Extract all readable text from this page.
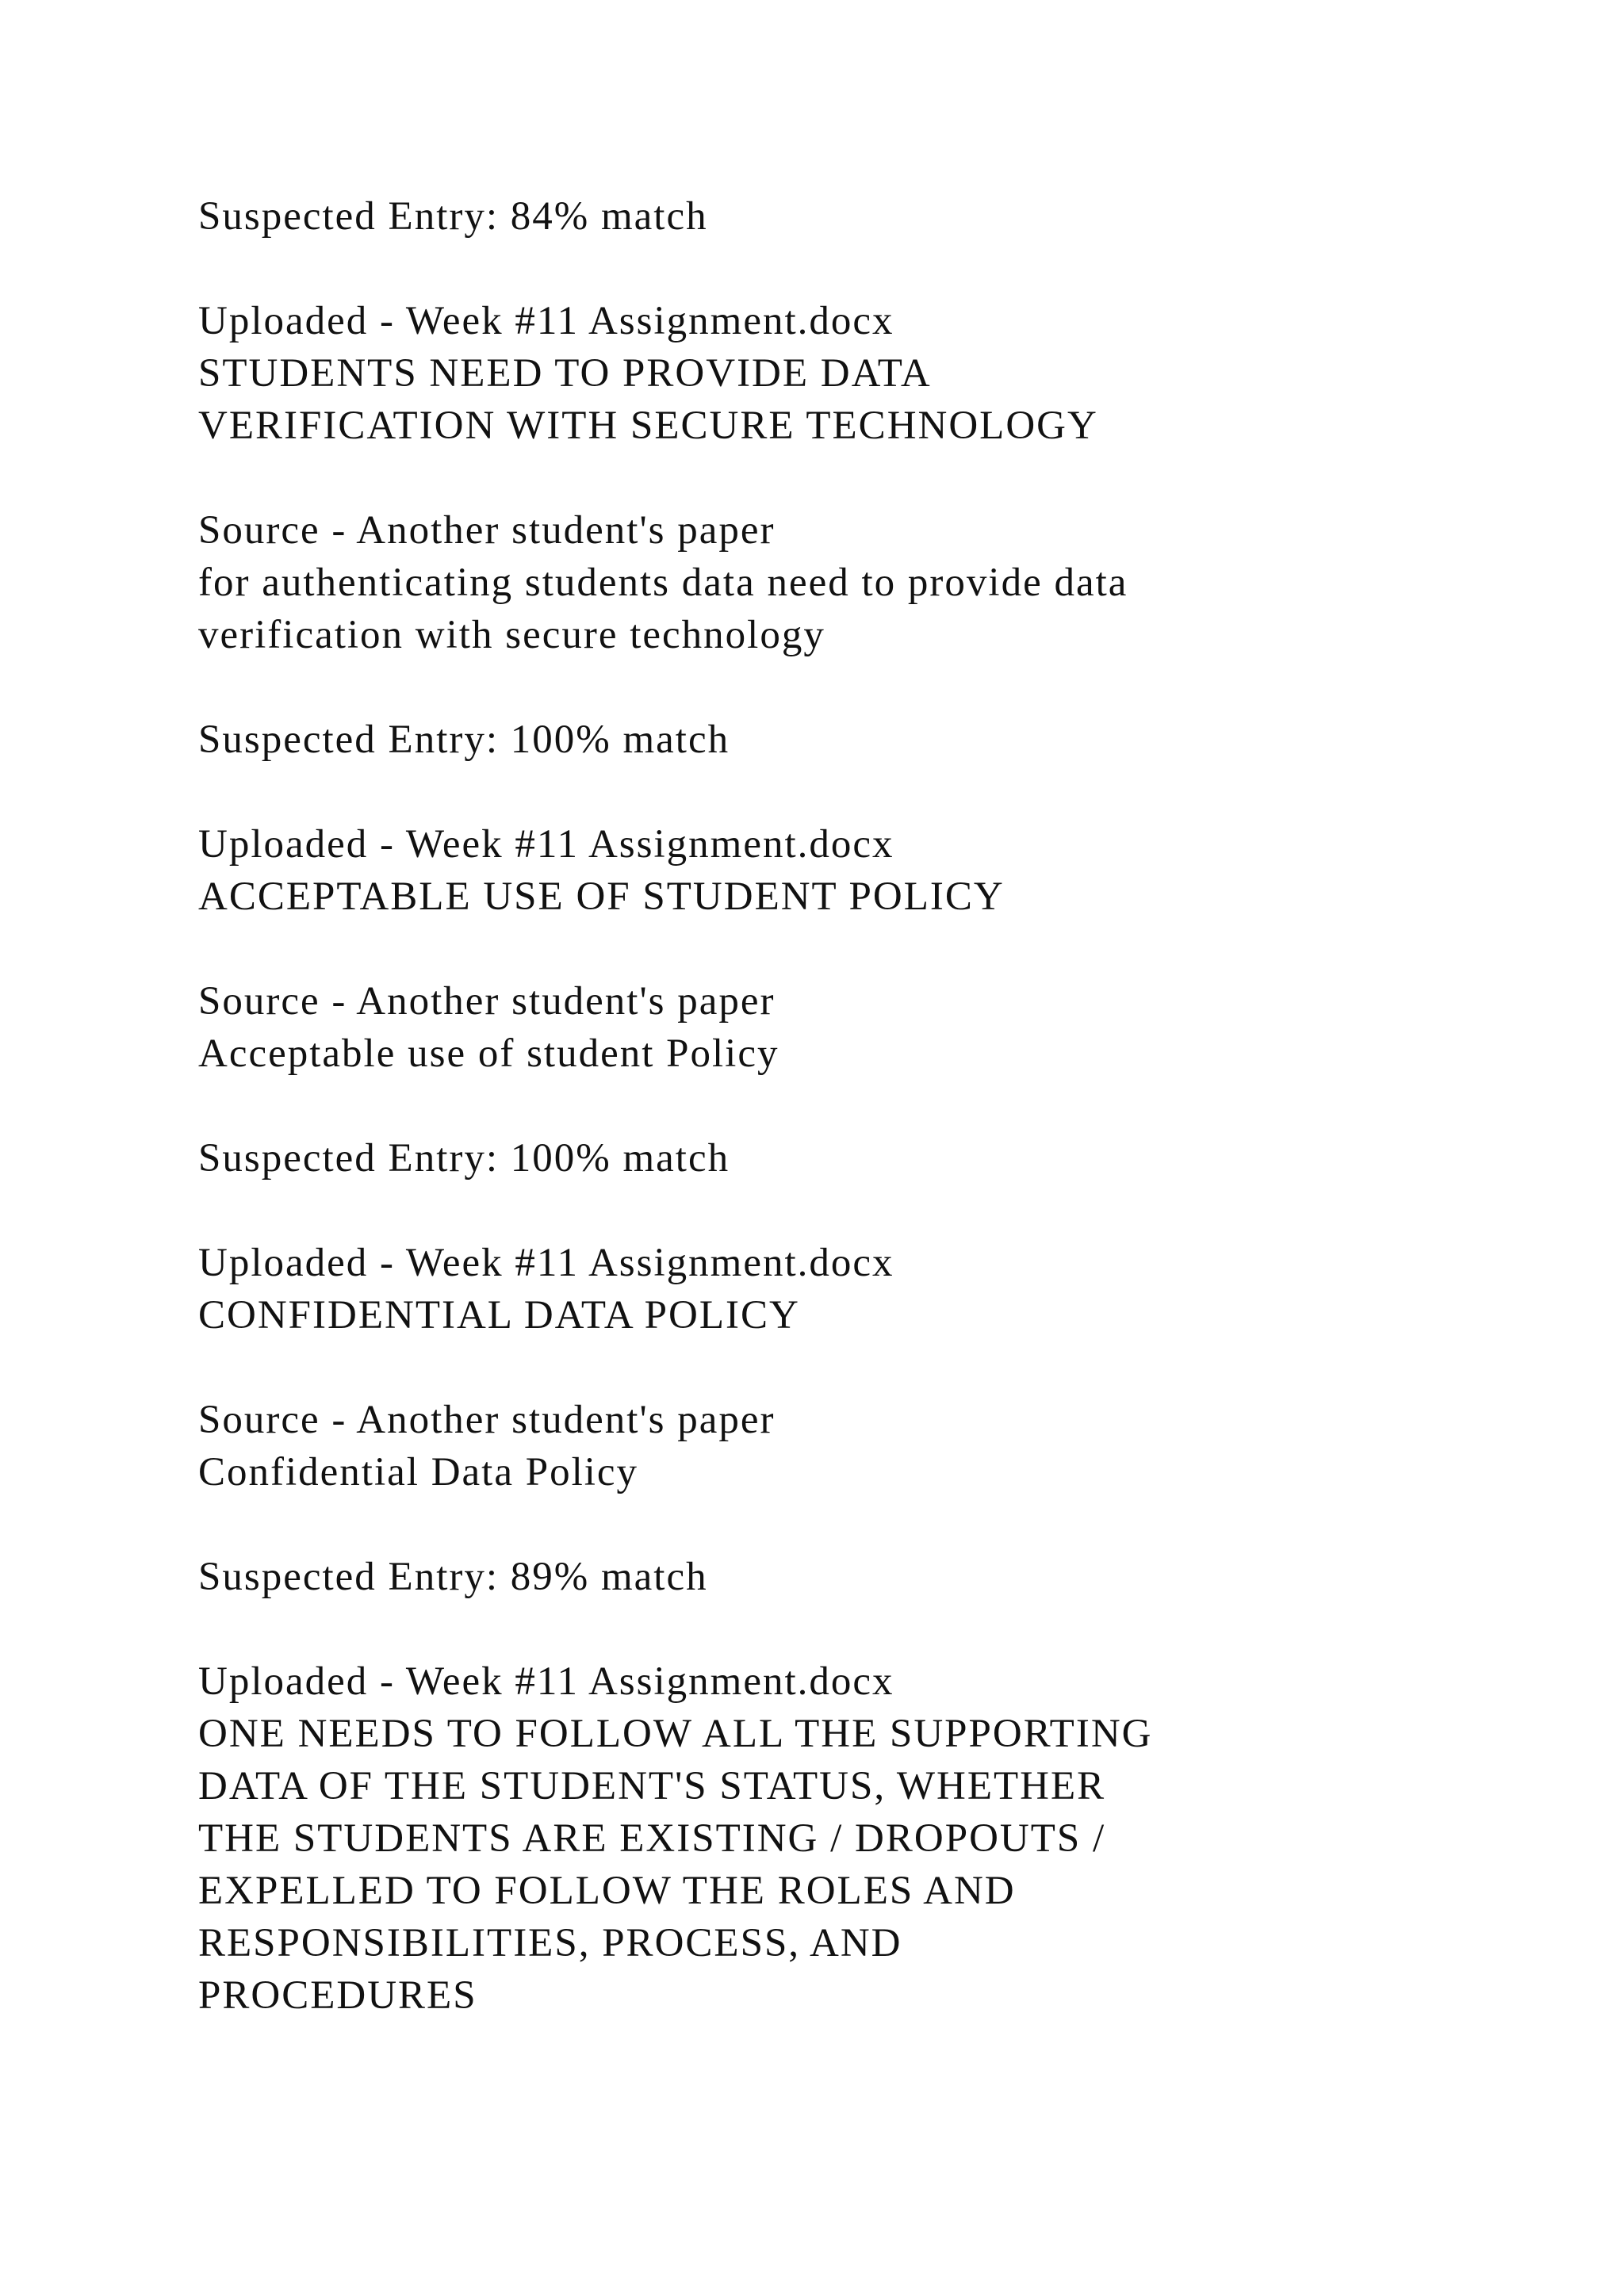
Suspected Entry: 84% match
Uploaded - Week #11 Assignment.docx
STUDENTS NEED TO PROVIDE DATA
VERIFICATION WITH SECURE TECHNOLOGY
Source - Another student's paper
for authenticating students data need to provide data
verification with secure technology
Suspected Entry: 100% match
Uploaded - Week #11 Assignment.docx
ACCEPTABLE USE OF STUDENT POLICY
Source - Another student's paper
Acceptable use of student Policy
Suspected Entry: 100% match
Uploaded - Week #11 Assignment.docx
CONFIDENTIAL DATA POLICY
Source - Another student's paper
Confidential Data Policy
Suspected Entry: 89% match
Uploaded - Week #11 Assignment.docx
ONE NEEDS TO FOLLOW ALL THE SUPPORTING
DATA OF THE STUDENT'S STATUS, WHETHER
THE STUDENTS ARE EXISTING / DROPOUTS /
EXPELLED TO FOLLOW THE ROLES AND
RESPONSIBILITIES, PROCESS, AND
PROCEDURES
